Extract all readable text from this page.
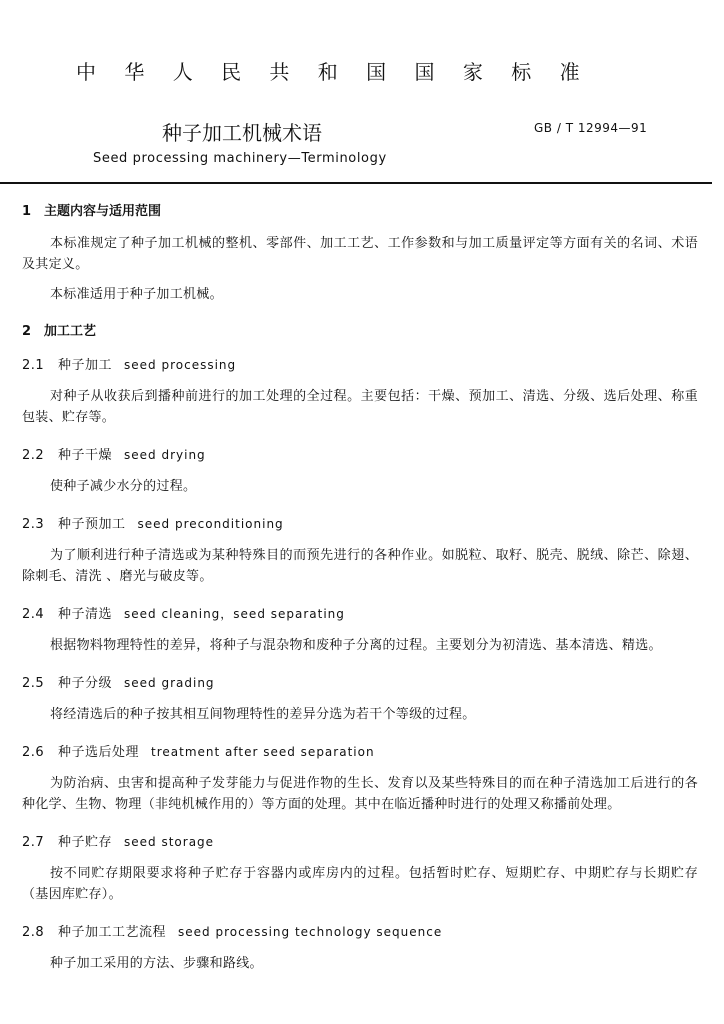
中 华 人 民 共 和 国 国 家 标 准
种子加工机械术语	GB / T 12994—91
Seed processing machinery—Terminology
1 主题内容与适用范围

本标准规定了种子加工机械的整机、零部件、加工工艺、工作参数和与加工质量评定等方面有关的名词、术语及其定义。

本标准适用于种子加工机械。

2 加工工艺
2.1 种子加工 seed processing

对种子从收获后到播种前进行的加工处理的全过程。主要包括：干燥、预加工、清选、分级、选后处理、称重包装、贮存等。

2.2 种子干燥 seed drying

使种子减少水分的过程。

2.3 种子预加工 seed preconditioning

为了顺利进行种子清选或为某种特殊目的而预先进行的各种作业。如脱粒、取籽、脱壳、脱绒、除芒、除翅、除刺毛、清洗 、磨光与破皮等。

2.4 种子清选 seed cleaning，seed separating

根据物料物理特性的差异，将种子与混杂物和废种子分离的过程。主要划分为初清选、基本清选、精选。

2.5 种子分级 seed grading

将经清选后的种子按其相互间物理特性的差异分选为若干个等级的过程。

2.6 种子选后处理 treatment after seed separation

为防治病、虫害和提高种子发芽能力与促进作物的生长、发育以及某些特殊目的而在种子清选加工后进行的各种化学、生物、物理（非纯机械作用的）等方面的处理。其中在临近播种时进行的处理又称播前处理。

2.7 种子贮存 seed storage

按不同贮存期限要求将种子贮存于容器内或库房内的过程。包括暂时贮存、短期贮存、中期贮存与长期贮存（基因库贮存）。

2.8 种子加工工艺流程 seed processing technology sequence

种子加工采用的方法、步骤和路线。
